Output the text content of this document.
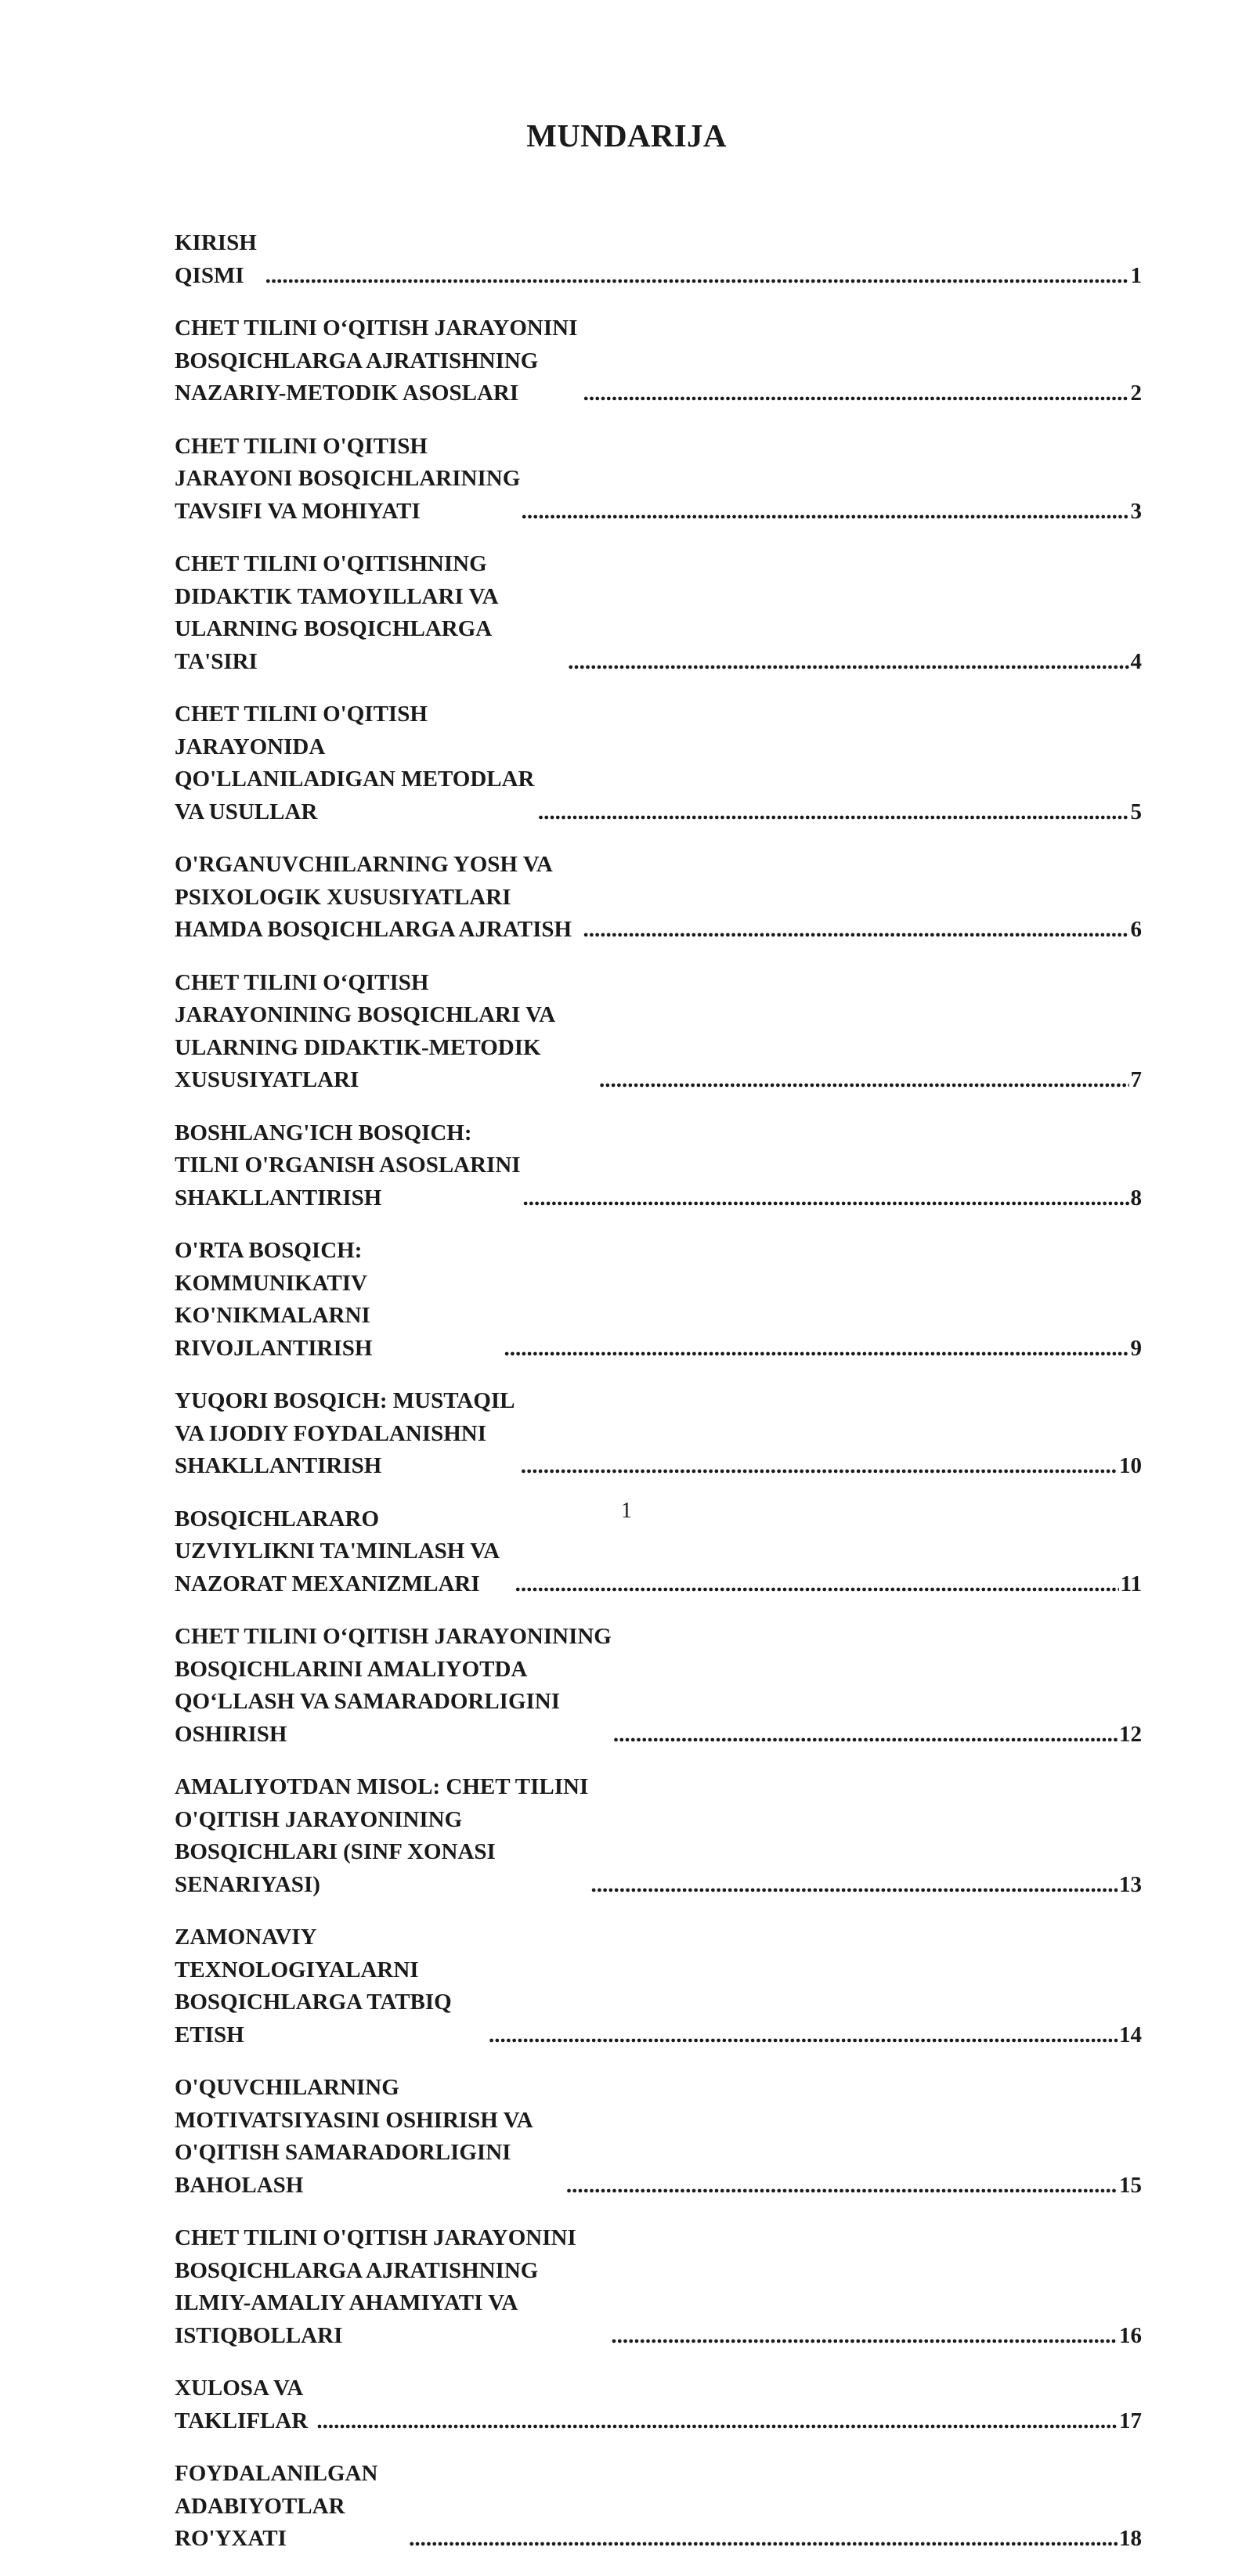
MUNDARIJA
KIRISH QISMI .....	1
CHET TILINI O‘QITISH JARAYONINI BOSQICHLARGA AJRATISHNING NAZARIY-METODIK ASOSLARI .....	2
CHET TILINI O'QITISH JARAYONI BOSQICHLARINING TAVSIFI VA MOHIYATI .....	3
CHET TILINI O'QITISHNING DIDAKTIK TAMOYILLARI VA ULARNING BOSQICHLARGA TA'SIRI .....	4
CHET TILINI O'QITISH JARAYONIDA QO'LLANILADIGAN METODLAR VA USULLAR .....	5
O'RGANUVCHILARNING YOSH VA PSIXOLOGIK XUSUSIYATLARI HAMDA BOSQICHLARGA AJRATISH .....	6
CHET TILINI O‘QITISH JARAYONINING BOSQICHLARI VA ULARNING DIDAKTIK-METODIK XUSUSIYATLARI .....	7
BOSHLANG'ICH BOSQICH: TILNI O'RGANISH ASOSLARINI SHAKLLANTIRISH .....	8
O'RTA BOSQICH: KOMMUNIKATIV KO'NIKMALARNI RIVOJLANTIRISH .....	9
YUQORI BOSQICH: MUSTAQIL VA IJODIY FOYDALANISHNI SHAKLLANTIRISH .....	10
BOSQICHLARARO UZVIYLIKNI TA'MINLASH VA NAZORAT MEXANIZMLARI .....	11
CHET TILINI O‘QITISH JARAYONINING BOSQICHLARINI AMALIYOTDA QO‘LLASH VA SAMARADORLIGINI OSHIRISH .....	12
AMALIYOTDAN MISOL: CHET TILINI O'QITISH JARAYONINING BOSQICHLARI (SINF XONASI SENARIYASI) .....	13
ZAMONAVIY TEXNOLOGIYALARNI BOSQICHLARGA TATBIQ ETISH .....	14
O'QUVCHILARNING MOTIVATSIYASINI OSHIRISH VA O'QITISH SAMARADORLIGINI BAHOLASH .....	15
CHET TILINI O'QITISH JARAYONINI BOSQICHLARGA AJRATISHNING ILMIY-AMALIY AHAMIYATI VA ISTIQBOLLARI .....	16
XULOSA VA TAKLIFLAR .....	17
FOYDALANILGAN ADABIYOTLAR RO'YXATI .....	18
1
